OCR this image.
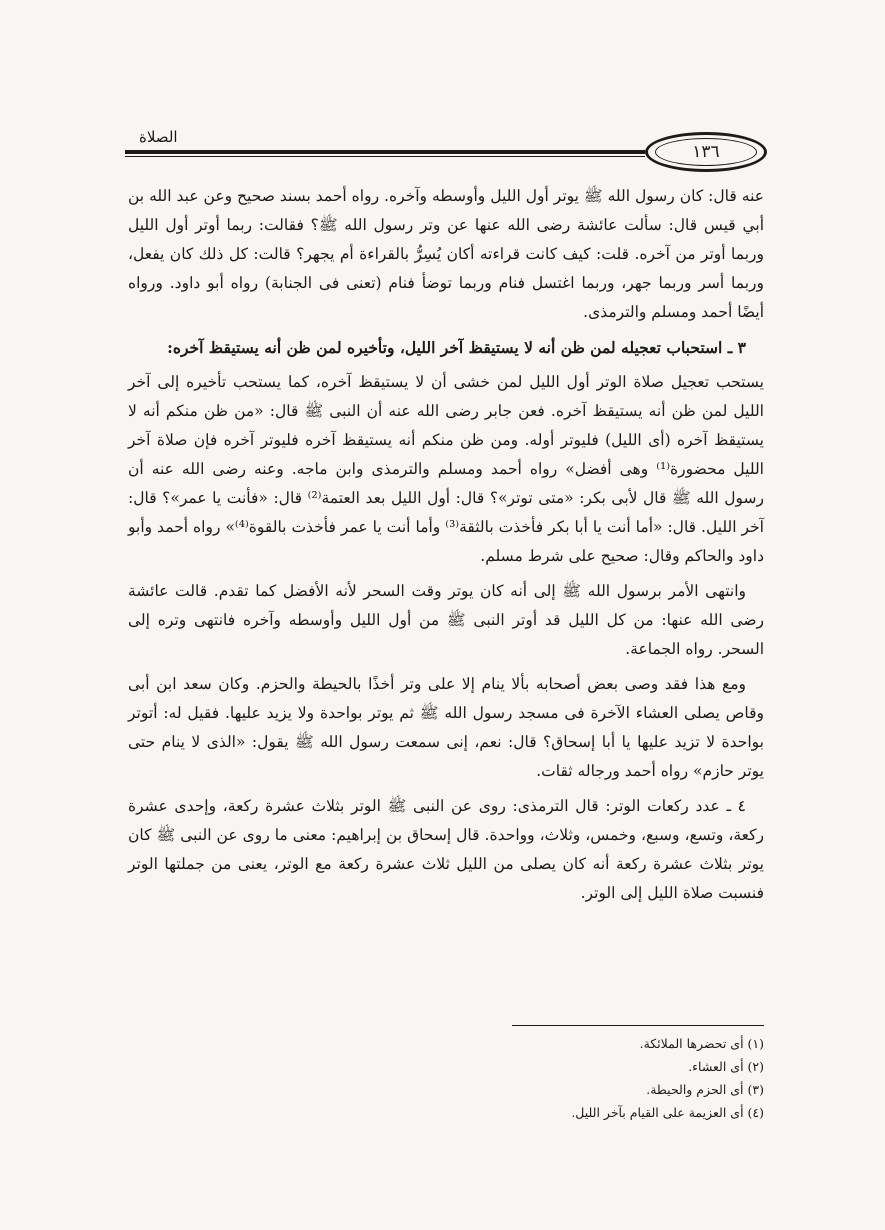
الصلاة
١٣٦

عنه قال: كان رسول الله ﷺ يوتر أول الليل وأوسطه وآخره. رواه أحمد بسند صحيح وعن عبد الله بن أبي قيس قال: سألت عائشة رضى الله عنها عن وتر رسول الله ﷺ؟ فقالت: ربما أوتر أول الليل وربما أوتر من آخره. قلت: كيف كانت قراءته أكان يُسِرُّ بالقراءة أم يجهر؟ قالت: كل ذلك كان يفعل، وربما أسر وربما جهر، وربما اغتسل فنام وربما توضأ فنام (تعنى فى الجنابة) رواه أبو داود. ورواه أيضًا أحمد ومسلم والترمذى.

٣ ـ استحباب تعجيله لمن ظن أنه لا يستيقظ آخر الليل، وتأخيره لمن ظن أنه يستيقظ آخره:

يستحب تعجيل صلاة الوتر أول الليل لمن خشى أن لا يستيقظ آخره، كما يستحب تأخيره إلى آخر الليل لمن ظن أنه يستيقظ آخره. فعن جابر رضى الله عنه أن النبى ﷺ قال: «من ظن منكم أنه لا يستيقظ آخره (أى الليل) فليوتر أوله. ومن ظن منكم أنه يستيقظ آخره فليوتر آخره فإن صلاة آخر الليل محضورة⁽¹⁾ وهى أفضل» رواه أحمد ومسلم والترمذى وابن ماجه. وعنه رضى الله عنه أن رسول الله ﷺ قال لأبى بكر: «متى توتر»؟ قال: أول الليل بعد العتمة⁽²⁾ قال: «فأنت يا عمر»؟ قال: آخر الليل. قال: «أما أنت يا أبا بكر فأخذت بالثقة⁽³⁾ وأما أنت يا عمر فأخذت بالقوة⁽⁴⁾» رواه أحمد وأبو داود والحاكم وقال: صحيح على شرط مسلم.

وانتهى الأمر برسول الله ﷺ إلى أنه كان يوتر وقت السحر لأنه الأفضل كما تقدم. قالت عائشة رضى الله عنها: من كل الليل قد أوتر النبى ﷺ من أول الليل وأوسطه وآخره فانتهى وتره إلى السحر. رواه الجماعة.

ومع هذا فقد وصى بعض أصحابه بألا ينام إلا على وتر أخذًا بالحيطة والحزم. وكان سعد ابن أبى وقاص يصلى العشاء الآخرة فى مسجد رسول الله ﷺ ثم يوتر بواحدة ولا يزيد عليها. فقيل له: أتوتر بواحدة لا تزيد عليها يا أبا إسحاق؟ قال: نعم، إنى سمعت رسول الله ﷺ يقول: «الذى لا ينام حتى يوتر حازم» رواه أحمد ورجاله ثقات.

٤ ـ عدد ركعات الوتر: قال الترمذى: روى عن النبى ﷺ الوتر بثلاث عشرة ركعة، وإحدى عشرة ركعة، وتسع، وسبع، وخمس، وثلاث، وواحدة. قال إسحاق بن إبراهيم: معنى ما روى عن النبى ﷺ كان يوتر بثلاث عشرة ركعة أنه كان يصلى من الليل ثلاث عشرة ركعة مع الوتر، يعنى من جملتها الوتر فنسبت صلاة الليل إلى الوتر.

(١) أى تحضرها الملائكة.
(٢) أى العشاء.
(٣) أى الحزم والحيطة.
(٤) أى العزيمة على القيام بآخر الليل.
